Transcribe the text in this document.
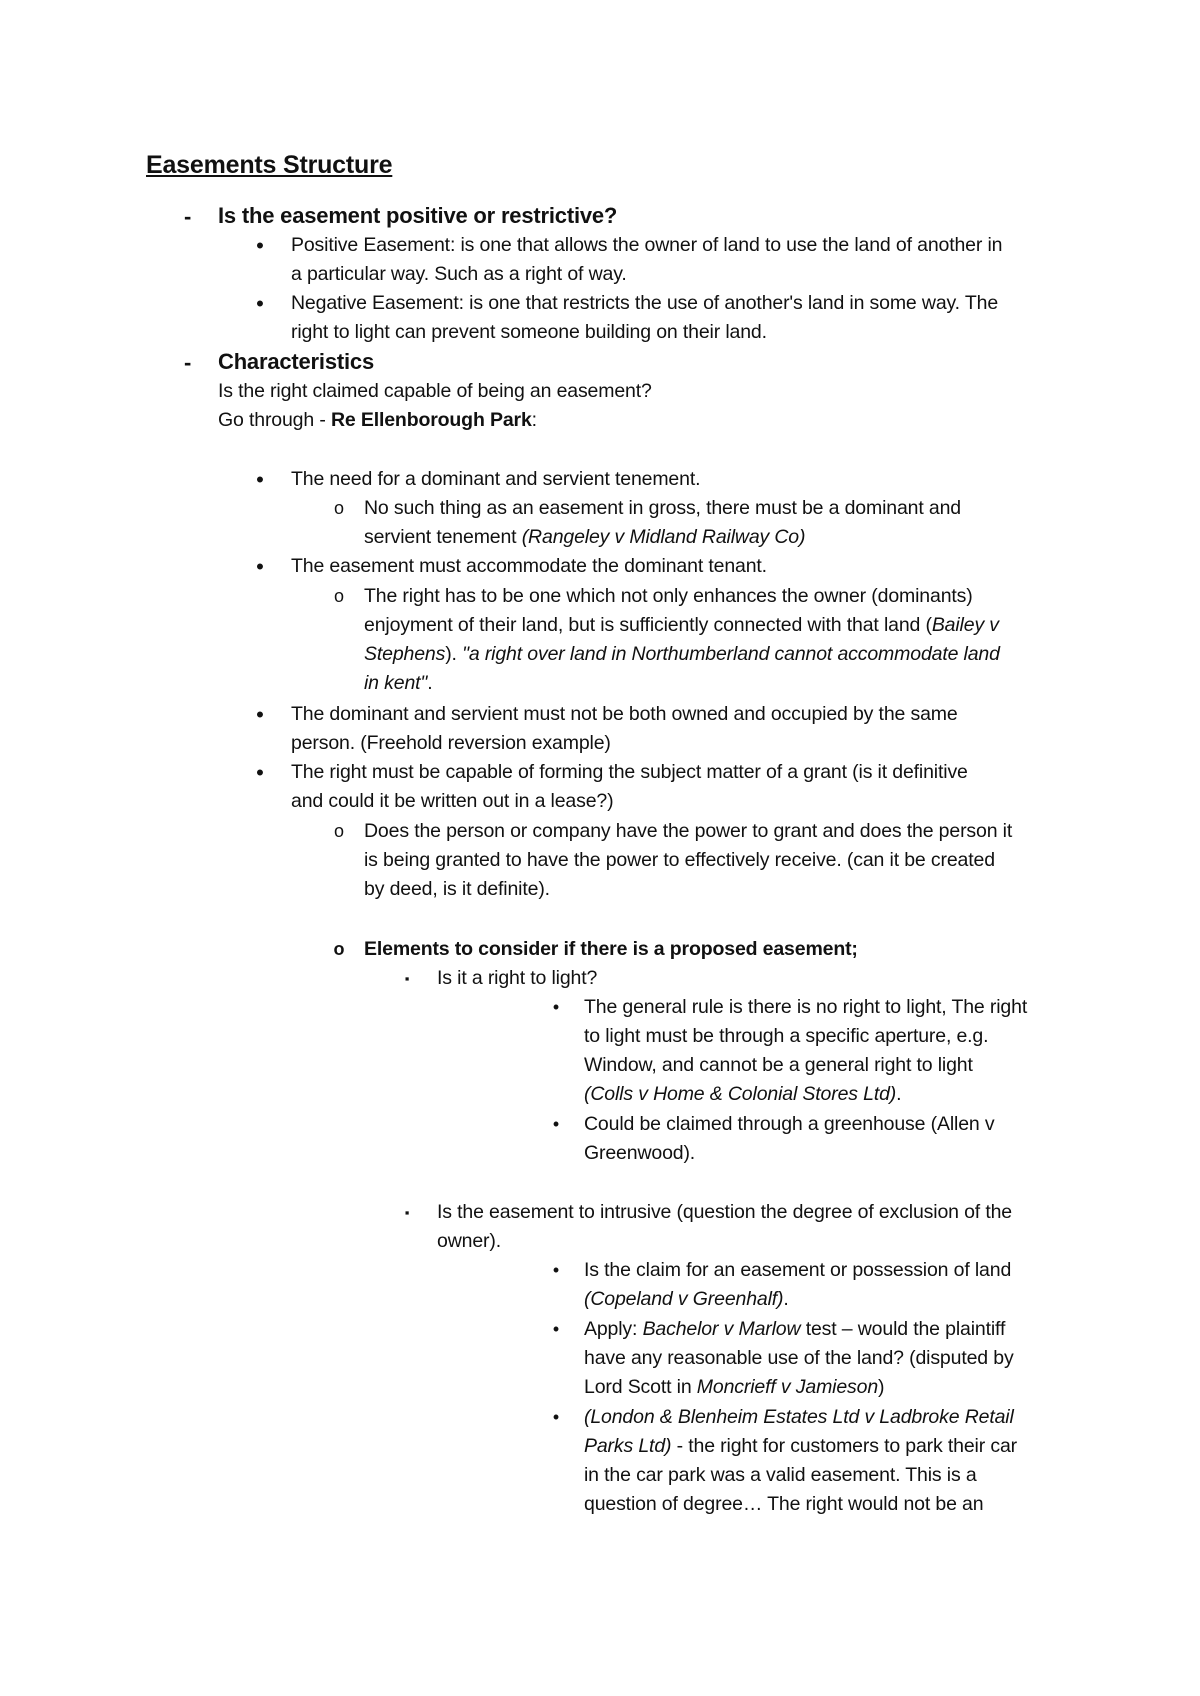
Easements Structure
- Is the easement positive or restrictive?
•	Positive Easement: is one that allows the owner of land to use the land of another in
a particular way. Such as a right of way.
•	Negative Easement: is one that restricts the use of another's land in some way. The
right to light can prevent someone building on their land.
- Characteristics
Is the right claimed capable of being an easement?
Go through - Re Ellenborough Park:
•	The need for a dominant and servient tenement.
o No such thing as an easement in gross, there must be a dominant and
servient tenement (Rangeley v Midland Railway Co)
•	The easement must accommodate the dominant tenant.
o The right has to be one which not only enhances the owner (dominants)
enjoyment of their land, but is sufficiently connected with that land (Bailey v
Stephens). "a right over land in Northumberland cannot accommodate land
in kent".
•	The dominant and servient must not be both owned and occupied by the same
person. (Freehold reversion example)
•	The right must be capable of forming the subject matter of a grant (is it definitive
and could it be written out in a lease?)
o Does the person or company have the power to grant and does the person it
is being granted to have the power to effectively receive. (can it be created
by deed, is it definite).
o Elements to consider if there is a proposed easement;
▪	Is it a right to light?
•	The general rule is there is no right to light, The right
to light must be through a specific aperture, e.g.
Window, and cannot be a general right to light
(Colls v Home & Colonial Stores Ltd).
•	Could be claimed through a greenhouse (Allen v
Greenwood).
▪	Is the easement to intrusive (question the degree of exclusion of the
owner).
•	Is the claim for an easement or possession of land
(Copeland v Greenhalf).
•	Apply: Bachelor v Marlow test – would the plaintiff
have any reasonable use of the land? (disputed by
Lord Scott in Moncrieff v Jamieson)
•	(London & Blenheim Estates Ltd v Ladbroke Retail
Parks Ltd) - the right for customers to park their car
in the car park was a valid easement. This is a
question of degree… The right would not be an
